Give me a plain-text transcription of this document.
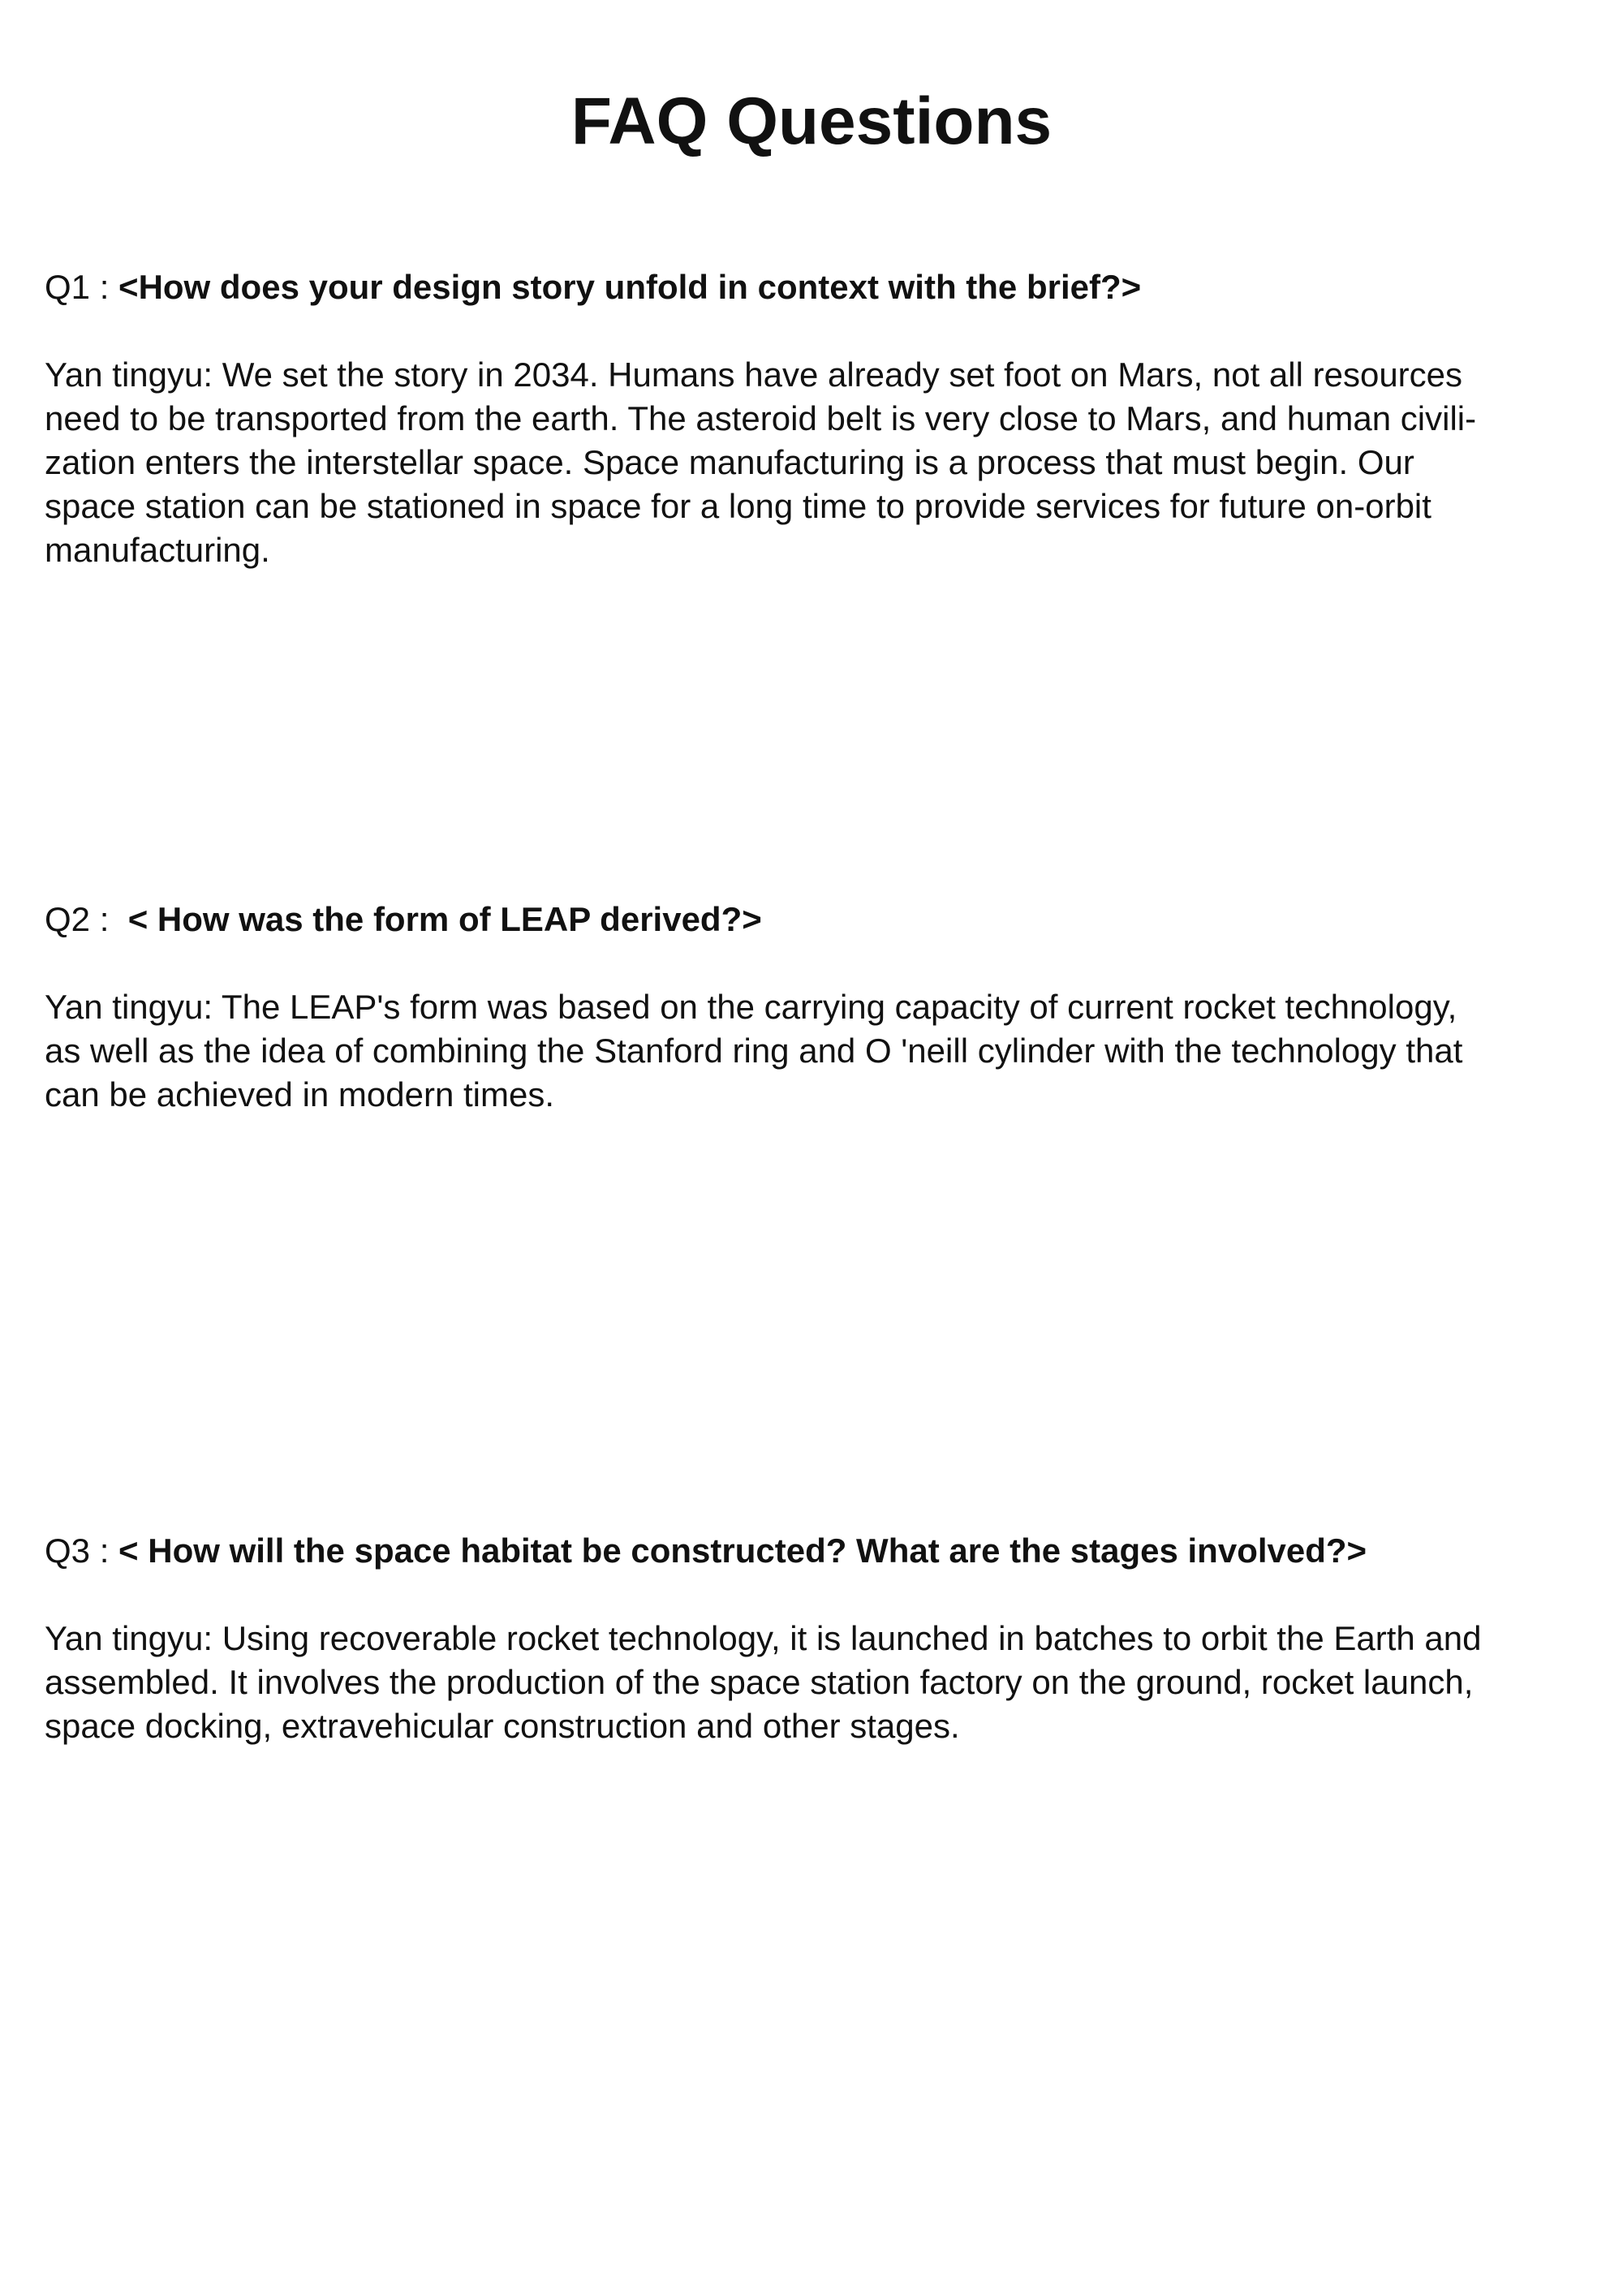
FAQ Questions

Q1 : <How does your design story unfold in context with the brief?>

Yan tingyu: We set the story in 2034. Humans have already set foot on Mars, not all resources
need to be transported from the earth. The asteroid belt is very close to Mars, and human civili-
zation enters the interstellar space. Space manufacturing is a process that must begin. Our
space station can be stationed in space for a long time to provide services for future on-orbit
manufacturing.

Q2 :  < How was the form of LEAP derived?>

Yan tingyu: The LEAP's form was based on the carrying capacity of current rocket technology,
as well as the idea of combining the Stanford ring and O 'neill cylinder with the technology that
can be achieved in modern times.

Q3 : < How will the space habitat be constructed? What are the stages involved?>

Yan tingyu: Using recoverable rocket technology, it is launched in batches to orbit the Earth and
assembled. It involves the production of the space station factory on the ground, rocket launch,
space docking, extravehicular construction and other stages.
